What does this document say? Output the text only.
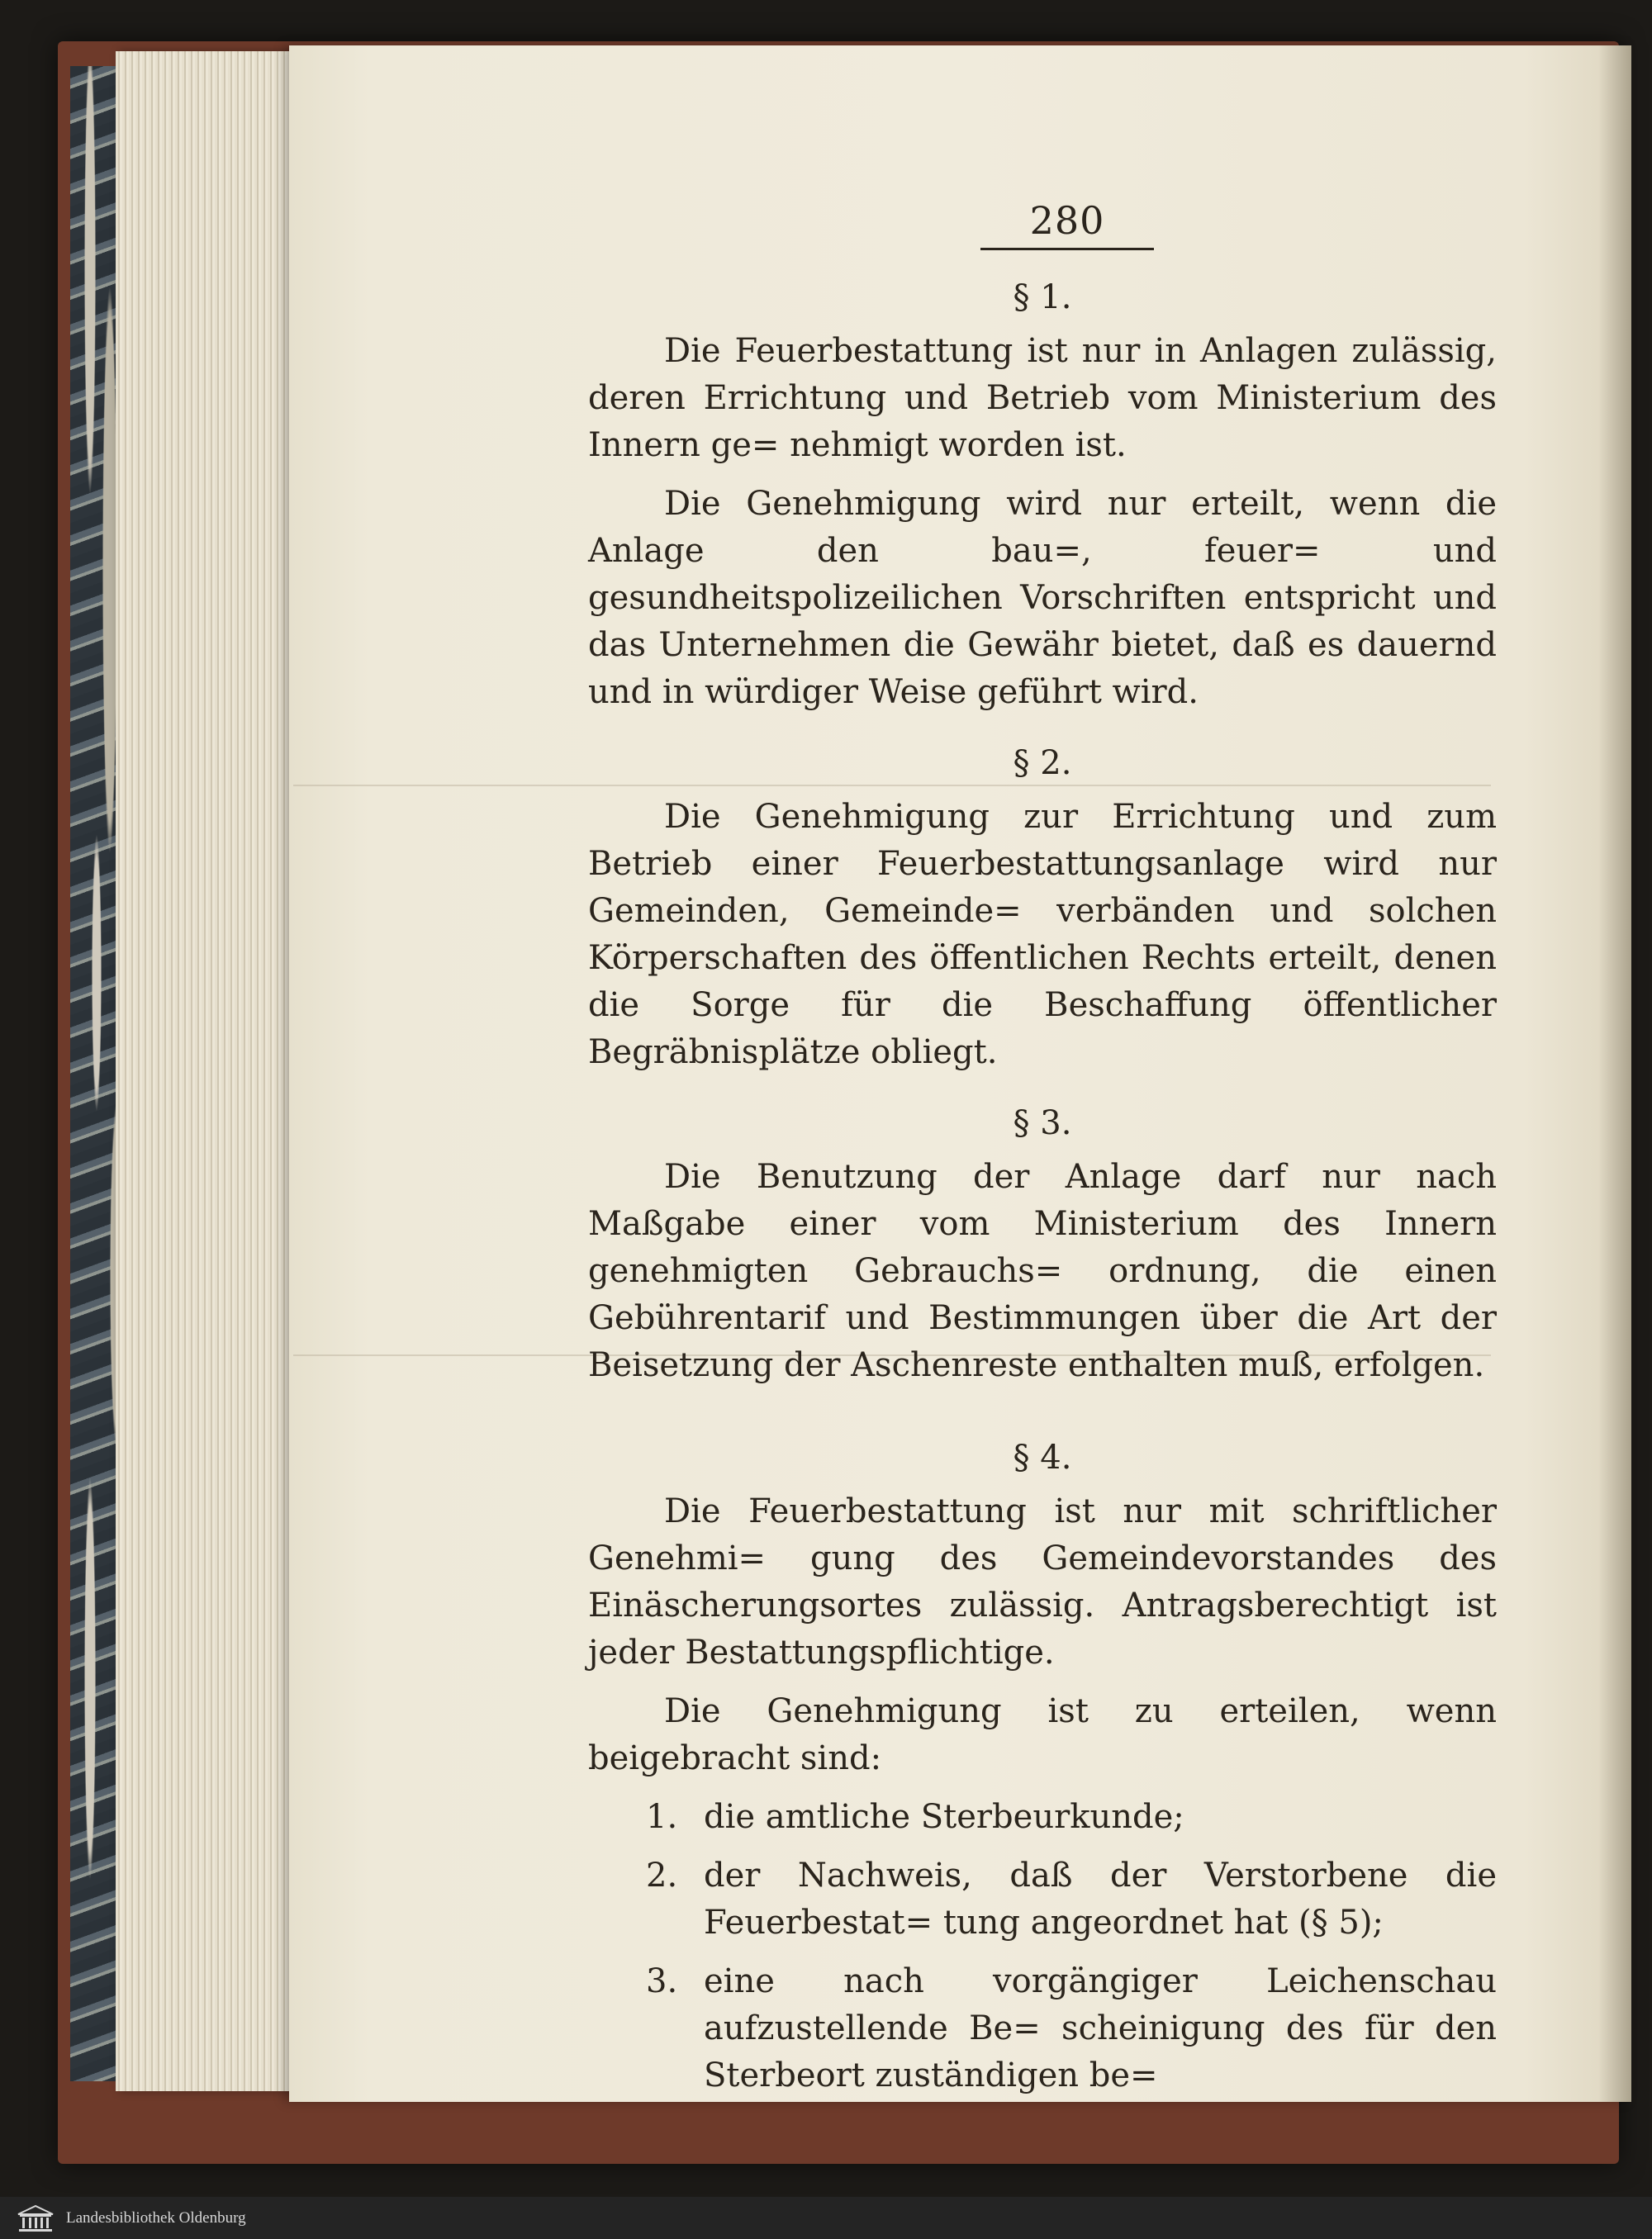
280
§ 1.

Die Feuerbestattung ist nur in Anlagen zulässig, deren Errichtung und Betrieb vom Ministerium des Innern ge= nehmigt worden ist.

Die Genehmigung wird nur erteilt, wenn die Anlage den bau=, feuer= und gesundheitspolizeilichen Vorschriften entspricht und das Unternehmen die Gewähr bietet, daß es dauernd und in würdiger Weise geführt wird.

§ 2.

Die Genehmigung zur Errichtung und zum Betrieb einer Feuerbestattungsanlage wird nur Gemeinden, Gemeinde= verbänden und solchen Körperschaften des öffentlichen Rechts erteilt, denen die Sorge für die Beschaffung öffentlicher Begräbnisplätze obliegt.

§ 3.

Die Benutzung der Anlage darf nur nach Maßgabe einer vom Ministerium des Innern genehmigten Gebrauchs= ordnung, die einen Gebührentarif und Bestimmungen über die Art der Beisetzung der Aschenreste enthalten muß, erfolgen.

§ 4.

Die Feuerbestattung ist nur mit schriftlicher Genehmi= gung des Gemeindevorstandes des Einäscherungsortes zulässig. Antragsberechtigt ist jeder Bestattungspflichtige.

Die Genehmigung ist zu erteilen, wenn beigebracht sind:

1. die amtliche Sterbeurkunde;
2. der Nachweis, daß der Verstorbene die Feuerbestat= tung angeordnet hat (§ 5);
3. eine nach vorgängiger Leichenschau aufzustellende Be= scheinigung des für den Sterbeort zuständigen be=
Landesbibliothek Oldenburg
